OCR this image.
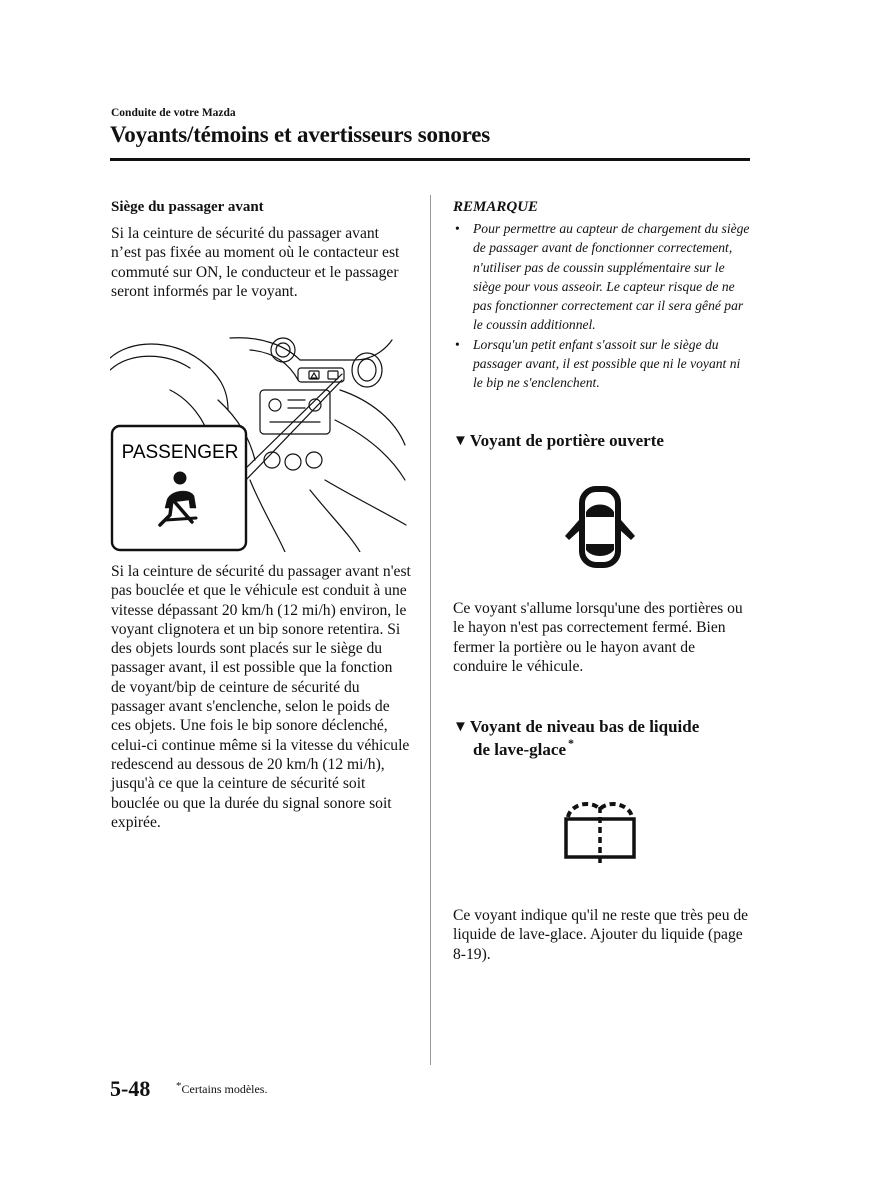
Conduite de votre Mazda
Voyants/témoins et avertisseurs sonores
Siège du passager avant
Si la ceinture de sécurité du passager avant n’est pas fixée au moment où le contacteur est commuté sur ON, le conducteur et le passager seront informés par le voyant.
PASSENGER
Si la ceinture de sécurité du passager avant n'est pas bouclée et que le véhicule est conduit à une vitesse dépassant 20 km/h (12 mi/h) environ, le voyant clignotera et un bip sonore retentira. Si des objets lourds sont placés sur le siège du passager avant, il est possible que la fonction de voyant/bip de ceinture de sécurité du passager avant s'enclenche, selon le poids de ces objets. Une fois le bip sonore déclenché, celui-ci continue même si la vitesse du véhicule redescend au dessous de 20 km/h (12 mi/h), jusqu'à ce que la ceinture de sécurité soit bouclée ou que la durée du signal sonore soit expirée.
REMARQUE
• Pour permettre au capteur de chargement du siège de passager avant de fonctionner correctement, n'utiliser pas de coussin supplémentaire sur le siège pour vous asseoir. Le capteur risque de ne pas fonctionner correctement car il sera gêné par le coussin additionnel.
• Lorsqu'un petit enfant s'assoit sur le siège du passager avant, il est possible que ni le voyant ni le bip ne s'enclenchent.
▼ Voyant de portière ouverte
Ce voyant s'allume lorsqu'une des portières ou le hayon n'est pas correctement fermé. Bien fermer la portière ou le hayon avant de conduire le véhicule.
▼ Voyant de niveau bas de liquide
de lave-glace *
Ce voyant indique qu'il ne reste que très peu de liquide de lave-glace. Ajouter du liquide (page 8-19).
5-48 *Certains modèles.
